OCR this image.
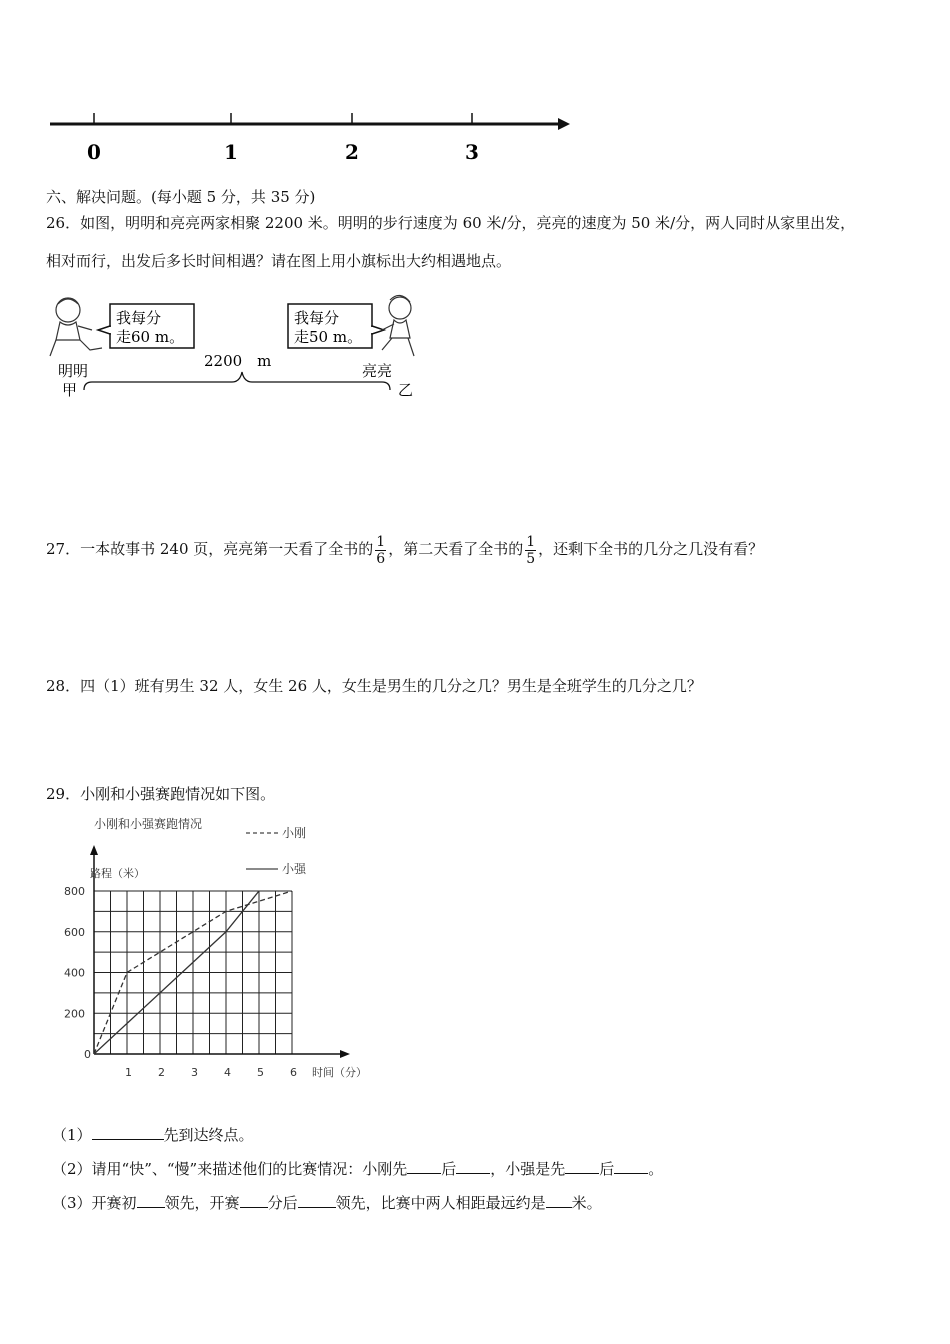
0	1	2	3
六、解决问题。(每小题 5 分，共 35 分)
26．如图，明明和亮亮两家相聚 2200 米。明明的步行速度为 60 米/分，亮亮的速度为 50 米/分，两人同时从家里出发，
相对而行，出发后多长时间相遇？请在图上用小旗标出大约相遇地点。
我每分
走60 m。
我每分
走50 m。
2200　m
明明	亮亮
甲	乙
27．一本故事书 240 页，亮亮第一天看了全书的 $\frac{1}{6}$ ，第二天看了全书的 $\frac{1}{5}$ ，还剩下全书的几分之几没有看？
28．四（1）班有男生 32 人，女生 26 人，女生是男生的几分之几？男生是全班学生的几分之几？
29．小刚和小强赛跑情况如下图。
小刚和小强赛跑情况
小刚
小强
路程（米）
时间（分）
0
200
400
600
800
1 2 3 4 5 6
（1）	先到达终点。
（2）请用“快”、“慢”来描述他们的比赛情况：小刚先 后 ，小强是先 后 。
（3）开赛初 领先，开赛 分后	领先，比赛中两人相距最远约是 米。
